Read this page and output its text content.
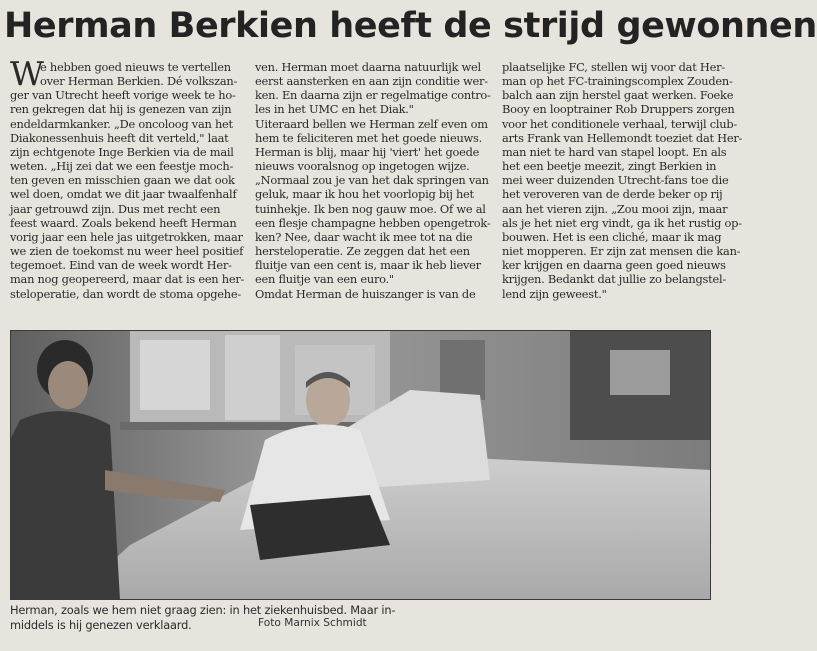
Herman Berkien heeft de strijd gewonnen
W
e hebben goed nieuws te vertellen
over Herman Berkien. Dé volkszan-
ger van Utrecht heeft vorige week te ho-
ren gekregen dat hij is genezen van zijn
endeldarmkanker. „De oncoloog van het
Diakonessenhuis heeft dit verteld," laat
zijn echtgenote Inge Berkien via de mail
weten. „Hij zei dat we een feestje moch-
ten geven en misschien gaan we dat ook
wel doen, omdat we dit jaar twaalfenhalf
jaar getrouwd zijn. Dus met recht een
feest waard. Zoals bekend heeft Herman
vorig jaar een hele jas uitgetrokken, maar
we zien de toekomst nu weer heel positief
tegemoet. Eind van de week wordt Her-
man nog geopereerd, maar dat is een her-
steloperatie, dan wordt de stoma opgehe-
ven. Herman moet daarna natuurlijk wel
eerst aansterken en aan zijn conditie wer-
ken. En daarna zijn er regelmatige contro-
les in het UMC en het Diak."
Uiteraard bellen we Herman zelf even om
hem te feliciteren met het goede nieuws.
Herman is blij, maar hij 'viert' het goede
nieuws vooralsnog op ingetogen wijze.
„Normaal zou je van het dak springen van
geluk, maar ik hou het voorlopig bij het
tuinhekje. Ik ben nog gauw moe. Of we al
een flesje champagne hebben opengetrok-
ken? Nee, daar wacht ik mee tot na die
hersteloperatie. Ze zeggen dat het een
fluitje van een cent is, maar ik heb liever
een fluitje van een euro."
Omdat Herman de huiszanger is van de
plaatselijke FC, stellen wij voor dat Her-
man op het FC-trainingscomplex Zouden-
balch aan zijn herstel gaat werken. Foeke
Booy en looptrainer Rob Druppers zorgen
voor het conditionele verhaal, terwijl club-
arts Frank van Hellemondt toeziet dat Her-
man niet te hard van stapel loopt. En als
het een beetje meezit, zingt Berkien in
mei weer duizenden Utrecht-fans toe die
het veroveren van de derde beker op rij
aan het vieren zijn. „Zou mooi zijn, maar
als je het niet erg vindt, ga ik het rustig op-
bouwen. Het is een cliché, maar ik mag
niet mopperen. Er zijn zat mensen die kan-
ker krijgen en daarna geen goed nieuws
krijgen. Bedankt dat jullie zo belangstel-
lend zijn geweest."
Herman, zoals we hem niet graag zien: in het ziekenhuisbed. Maar in-
middels is hij genezen verklaard.	Foto Marnix Schmidt
